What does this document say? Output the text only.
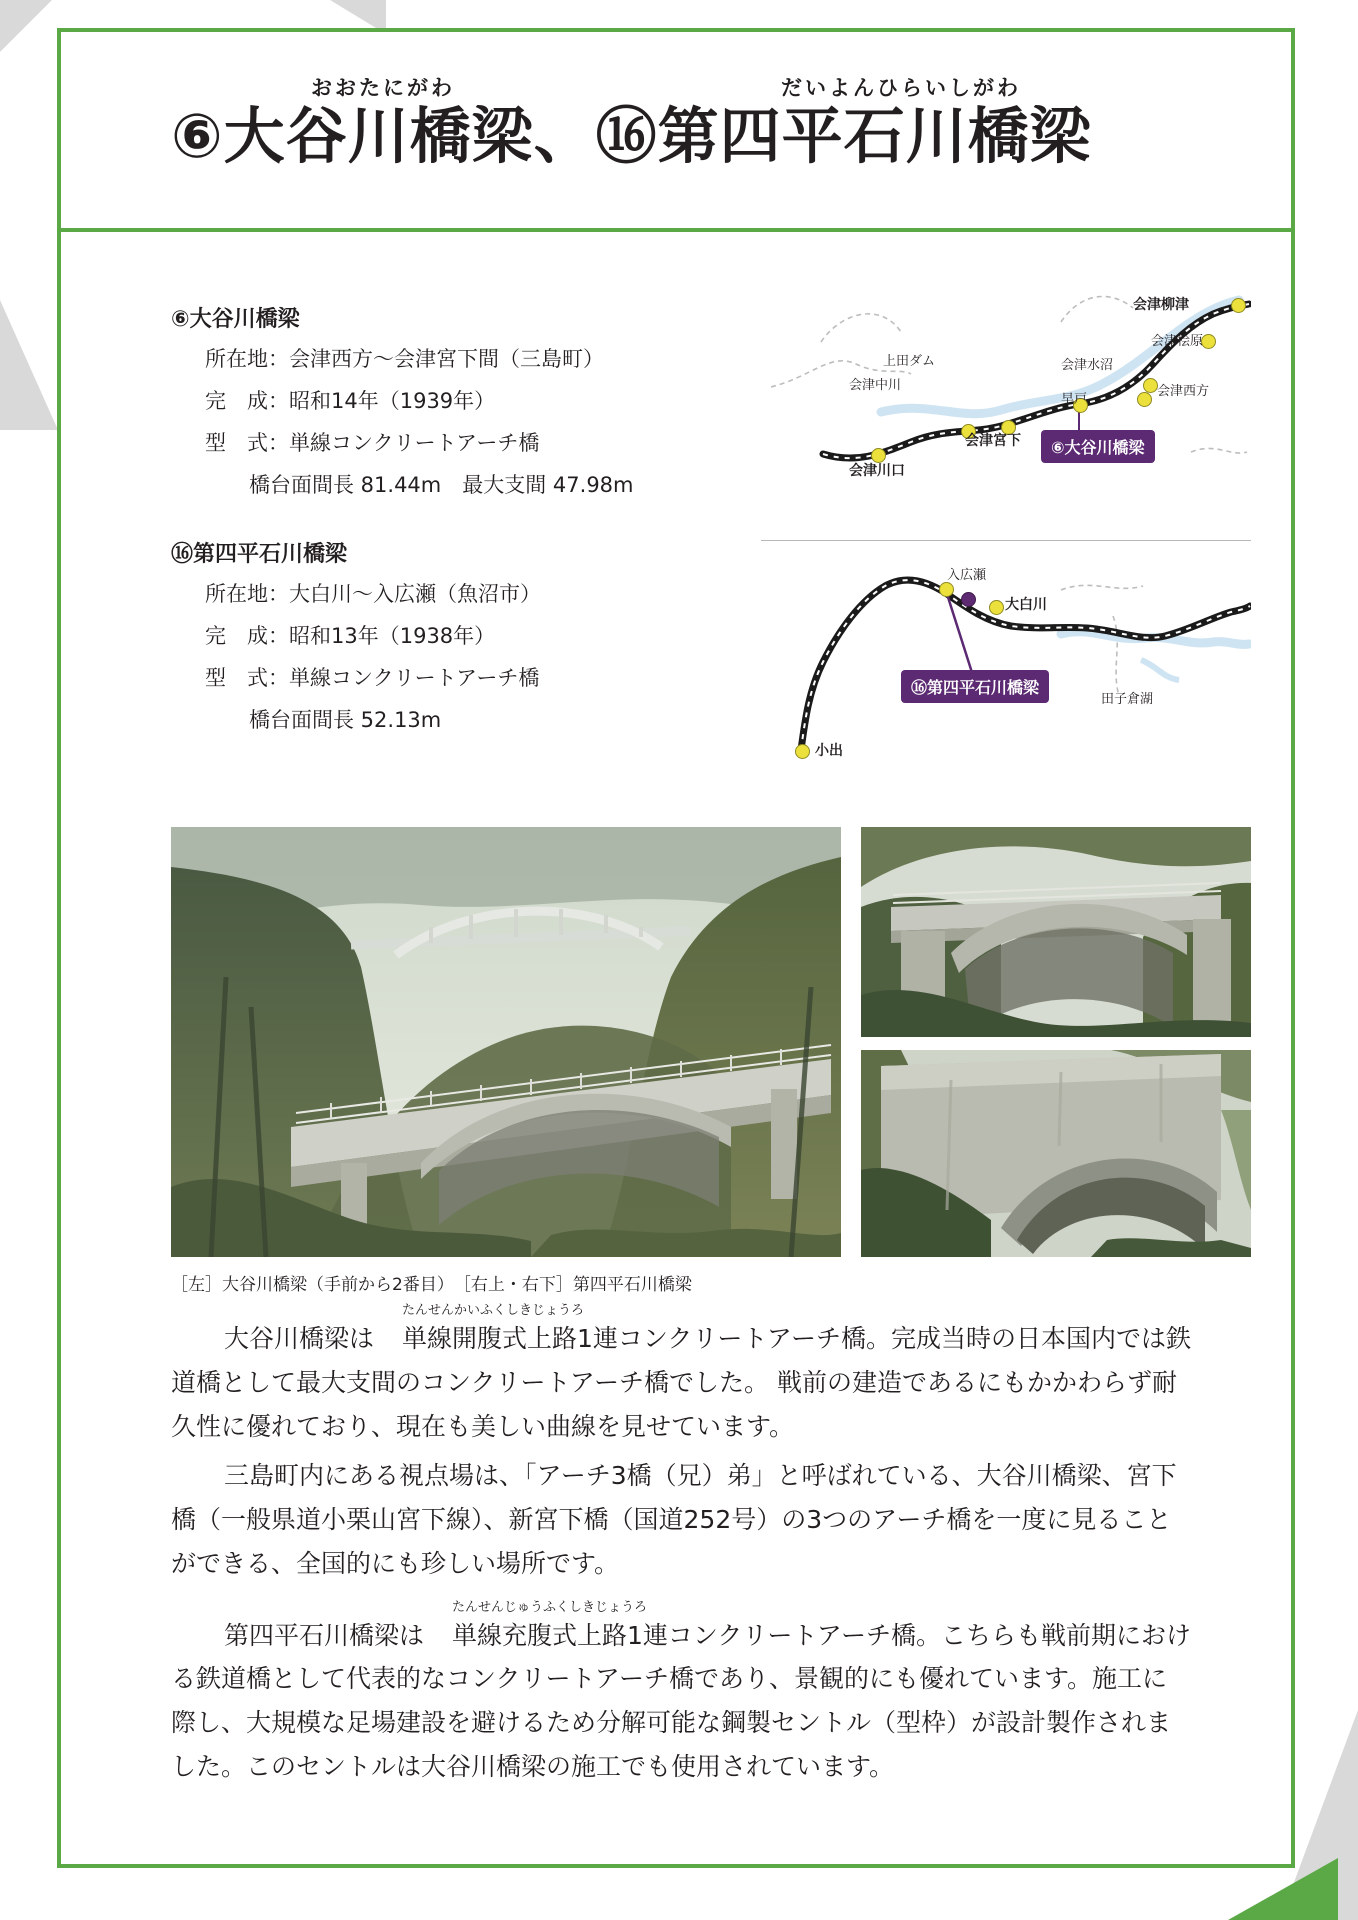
おおたにがわ	だいよんひらいしがわ
⑥大谷川橋梁、⑯第四平石川橋梁
⑥大谷川橋梁
所在地：会津西方〜会津宮下間（三島町）
完　成：昭和14年（1939年）
型　式：単線コンクリートアーチ橋
橋台面間長 81.44m　最大支間 47.98m
⑯第四平石川橋梁
所在地：大白川〜入広瀬（魚沼市）
完　成：昭和13年（1938年）
型　式：単線コンクリートアーチ橋
橋台面間長 52.13m
会津柳津
会津桧原
上田ダム	会津水沼
会津中川
早戸
会津西方
会津宮下
会津川口
⑥大谷川橋梁
入広瀬
大白川
田子倉湖
小出
⑯第四平石川橋梁
［左］大谷川橋梁（手前から2番目）　［右上・右下］第四平石川橋梁

　大谷川橋梁は
たんせんかいふくしきじょうろ
単線開腹式上路1連コンクリートアーチ橋。完成当時の日本国内では鉄道橋として最大支間のコンクリートアーチ橋でした。 戦前の建造であるにもかかわらず耐久性に優れており、現在も美しい曲線を見せています。

　三島町内にある視点場は、「アーチ3橋（兄）弟」と呼ばれている、大谷川橋梁、宮下橋（一般県道小栗山宮下線）、新宮下橋（国道252号）の3つのアーチ橋を一度に見ることができる、全国的にも珍しい場所です。

　第四平石川橋梁は
たんせんじゅうふくしきじょうろ
単線充腹式上路1連コンクリートアーチ橋。こちらも戦前期における鉄道橋として代表的なコンクリートアーチ橋であり、景観的にも優れています。施工に際し、大規模な足場建設を避けるため分解可能な鋼製セントル（型枠）が設計製作されました。このセントルは大谷川橋梁の施工でも使用されています。
